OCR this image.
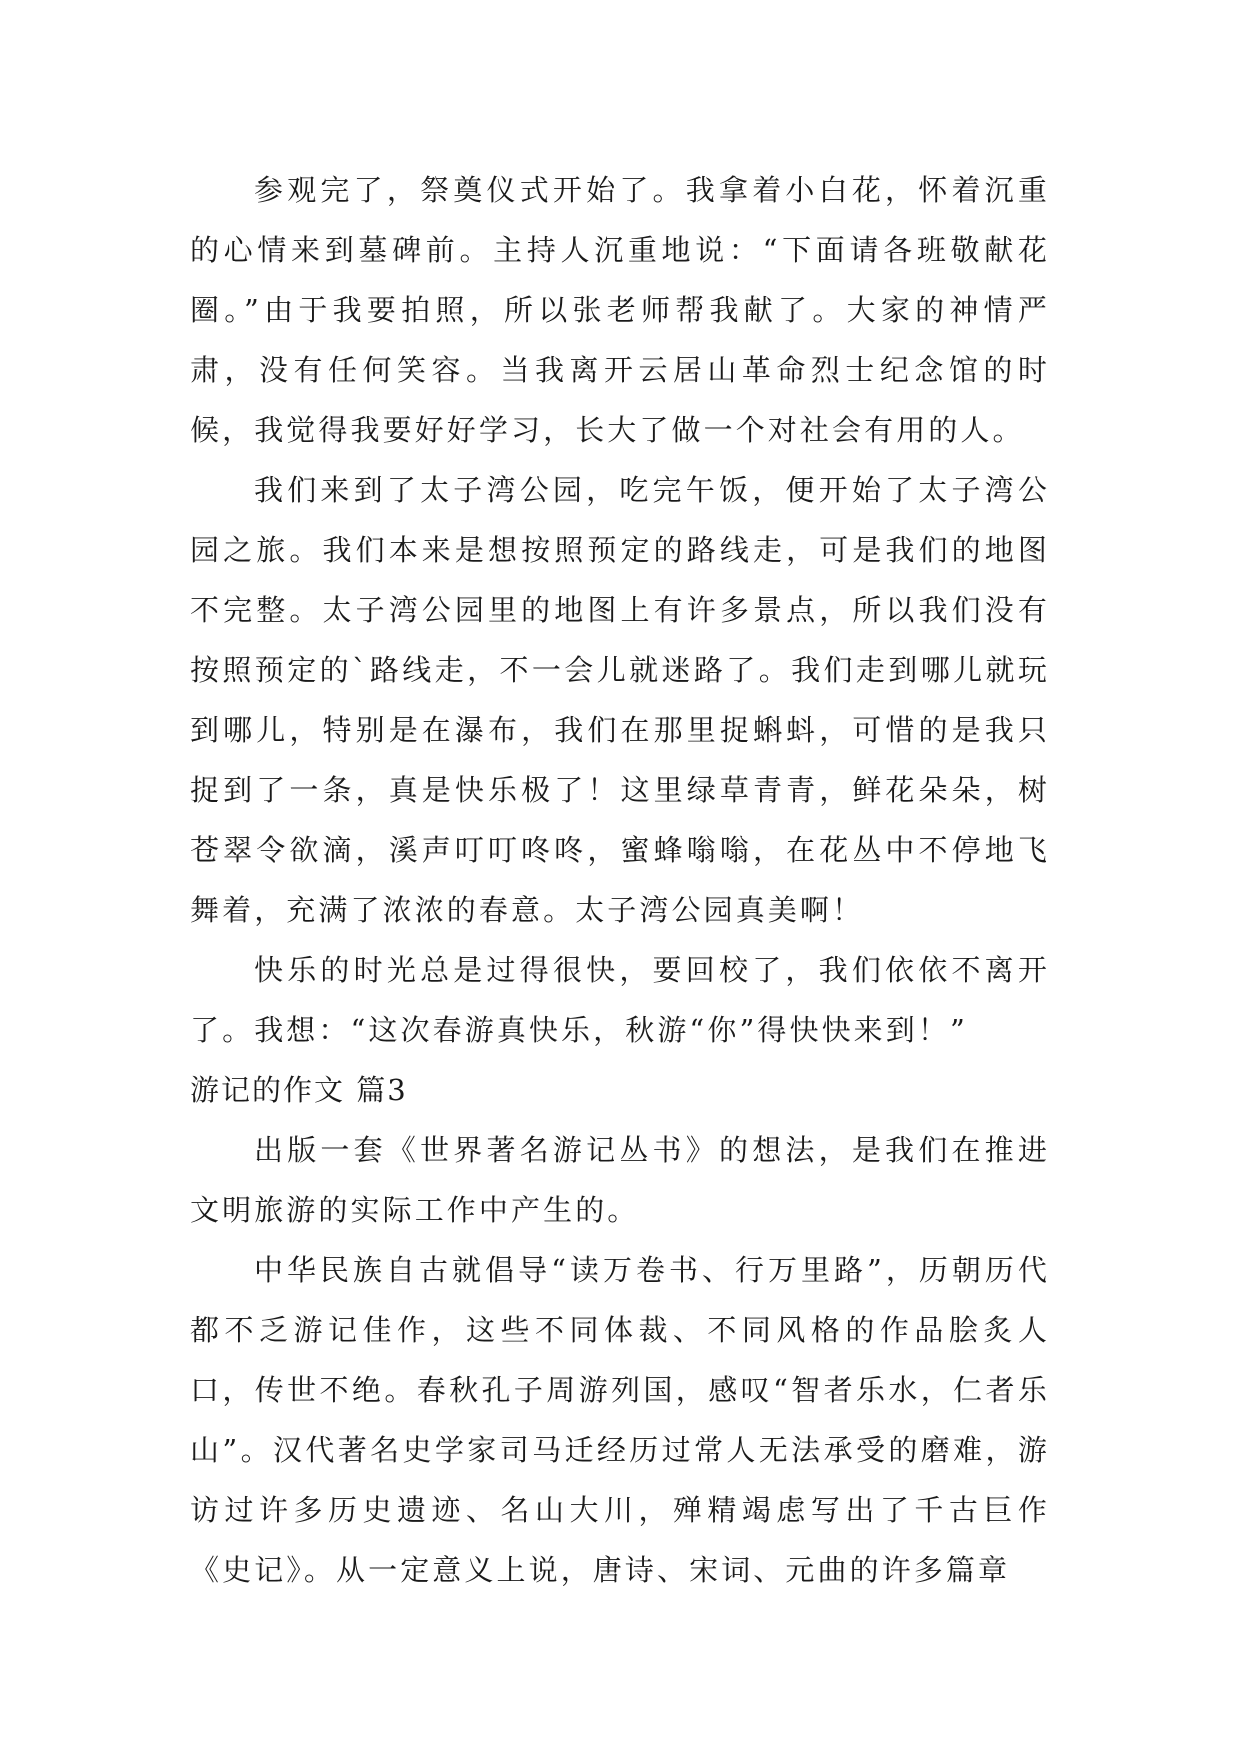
参观完了，祭奠仪式开始了。我拿着小白花，怀着沉重的心情来到墓碑前。主持人沉重地说：“下面请各班敬献花圈。”由于我要拍照，所以张老师帮我献了。大家的神情严肃，没有任何笑容。当我离开云居山革命烈士纪念馆的时候，我觉得我要好好学习，长大了做一个对社会有用的人。

我们来到了太子湾公园，吃完午饭，便开始了太子湾公园之旅。我们本来是想按照预定的路线走，可是我们的地图不完整。太子湾公园里的地图上有许多景点，所以我们没有按照预定的`路线走，不一会儿就迷路了。我们走到哪儿就玩到哪儿，特别是在瀑布，我们在那里捉蝌蚪，可惜的是我只捉到了一条，真是快乐极了！这里绿草青青，鲜花朵朵，树苍翠令欲滴，溪声叮叮咚咚，蜜蜂嗡嗡，在花丛中不停地飞舞着，充满了浓浓的春意。太子湾公园真美啊！

快乐的时光总是过得很快，要回校了，我们依依不离开了。我想：“这次春游真快乐，秋游“你”得快快来到！”

游记的作文 篇3

出版一套《世界著名游记丛书》的想法，是我们在推进文明旅游的实际工作中产生的。

中华民族自古就倡导“读万卷书、行万里路”，历朝历代都不乏游记佳作，这些不同体裁、不同风格的作品脍炙人口，传世不绝。春秋孔子周游列国，感叹“智者乐水，仁者乐山”。汉代著名史学家司马迁经历过常人无法承受的磨难，游访过许多历史遗迹、名山大川，殚精竭虑写出了千古巨作《史记》。从一定意义上说，唐诗、宋词、元曲的许多篇章
